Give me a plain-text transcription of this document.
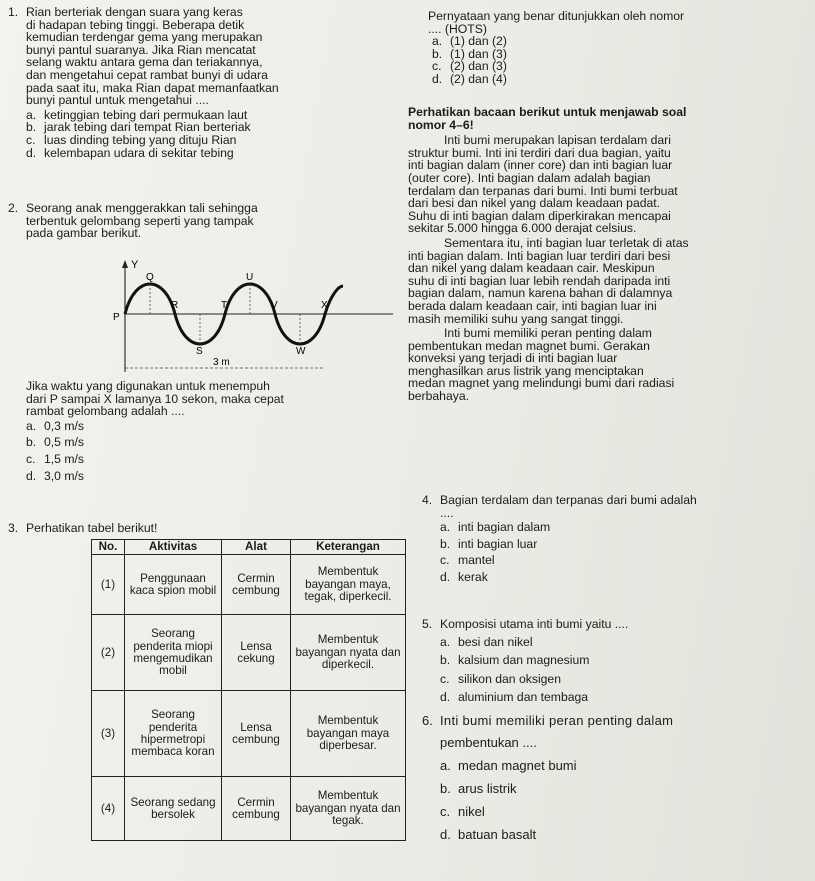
1. Rian berteriak dengan suara yang keras

di hadapan tebing tinggi. Beberapa detik

kemudian terdengar gema yang merupakan

bunyi pantul suaranya. Jika Rian mencatat

selang waktu antara gema dan teriakannya,

dan mengetahui cepat rambat bunyi di udara

pada saat itu, maka Rian dapat memanfaatkan

bunyi pantul untuk mengetahui ....

a. ketinggian tebing dari permukaan laut

b. jarak tebing dari tempat Rian berteriak

c. luas dinding tebing yang dituju Rian

d. kelembapan udara di sekitar tebing

2. Seorang anak menggerakkan tali sehingga

terbentuk gelombang seperti yang tampak

pada gambar berikut.

Y
Q	U
P
R	T	V	X
S	W
3 m

Jika waktu yang digunakan untuk menempuh

dari P sampai X lamanya 10 sekon, maka cepat

rambat gelombang adalah ....

a. 0,3 m/s

b. 0,5 m/s

c. 1,5 m/s

d. 3,0 m/s

3. Perhatikan tabel berikut!

No.	Aktivitas	Alat	Keterangan
(1)	Penggunaan kaca spion mobil	Cermin cembung	Membentuk bayangan maya, tegak, diperkecil.
(2)	Seorang penderita miopi mengemudikan mobil	Lensa cekung	Membentuk bayangan nyata dan diperkecil.
(3)	Seorang penderita hipermetropi membaca koran	Lensa cembung	Membentuk bayangan maya diperbesar.
(4)	Seorang sedang bersolek	Cermin cembung	Membentuk bayangan nyata dan tegak.

Pernyataan yang benar ditunjukkan oleh nomor

.... (HOTS)

a. (1) dan (2)

b. (1) dan (3)

c. (2) dan (3)

d. (2) dan (4)

Perhatikan bacaan berikut untuk menjawab soal

nomor 4–6!

Inti bumi merupakan lapisan terdalam dari

struktur bumi. Inti ini terdiri dari dua bagian, yaitu

inti bagian dalam (inner core) dan inti bagian luar

(outer core). Inti bagian dalam adalah bagian

terdalam dan terpanas dari bumi. Inti bumi terbuat

dari besi dan nikel yang dalam keadaan padat.

Suhu di inti bagian dalam diperkirakan mencapai

sekitar 5.000 hingga 6.000 derajat celsius.

Sementara itu, inti bagian luar terletak di atas

inti bagian dalam. Inti bagian luar terdiri dari besi

dan nikel yang dalam keadaan cair. Meskipun

suhu di inti bagian luar lebih rendah daripada inti

bagian dalam, namun karena bahan di dalamnya

berada dalam keadaan cair, inti bagian luar ini

masih memiliki suhu yang sangat tinggi.

Inti bumi memiliki peran penting dalam

pembentukan medan magnet bumi. Gerakan

konveksi yang terjadi di inti bagian luar

menghasilkan arus listrik yang menciptakan

medan magnet yang melindungi bumi dari radiasi

berbahaya.

4. Bagian terdalam dan terpanas dari bumi adalah

....

a. inti bagian dalam

b. inti bagian luar

c. mantel

d. kerak

5. Komposisi utama inti bumi yaitu ....

a. besi dan nikel

b. kalsium dan magnesium

c. silikon dan oksigen

d. aluminium dan tembaga

6. Inti bumi memiliki peran penting dalam

pembentukan ....

a. medan magnet bumi

b. arus listrik

c. nikel

d. batuan basalt
